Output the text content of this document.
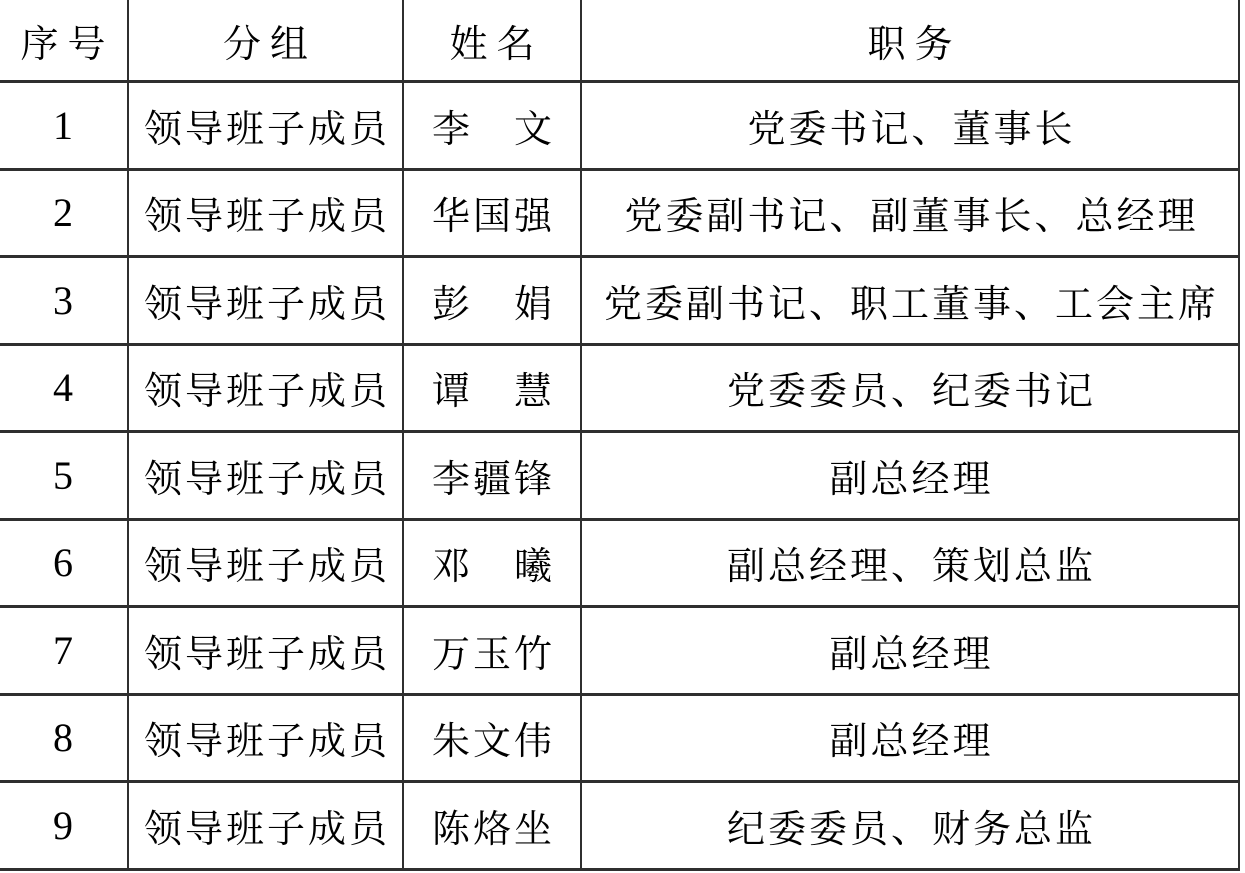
序号	分组	姓名	职务
1	领导班子成员	李　文	党委书记、董事长
2	领导班子成员	华国强	党委副书记、副董事长、总经理
3	领导班子成员	彭　娟	党委副书记、职工董事、工会主席
4	领导班子成员	谭　慧	党委委员、纪委书记
5	领导班子成员	李疆锋	副总经理
6	领导班子成员	邓　曦	副总经理、策划总监
7	领导班子成员	万玉竹	副总经理
8	领导班子成员	朱文伟	副总经理
9	领导班子成员	陈烙坐	纪委委员、财务总监
